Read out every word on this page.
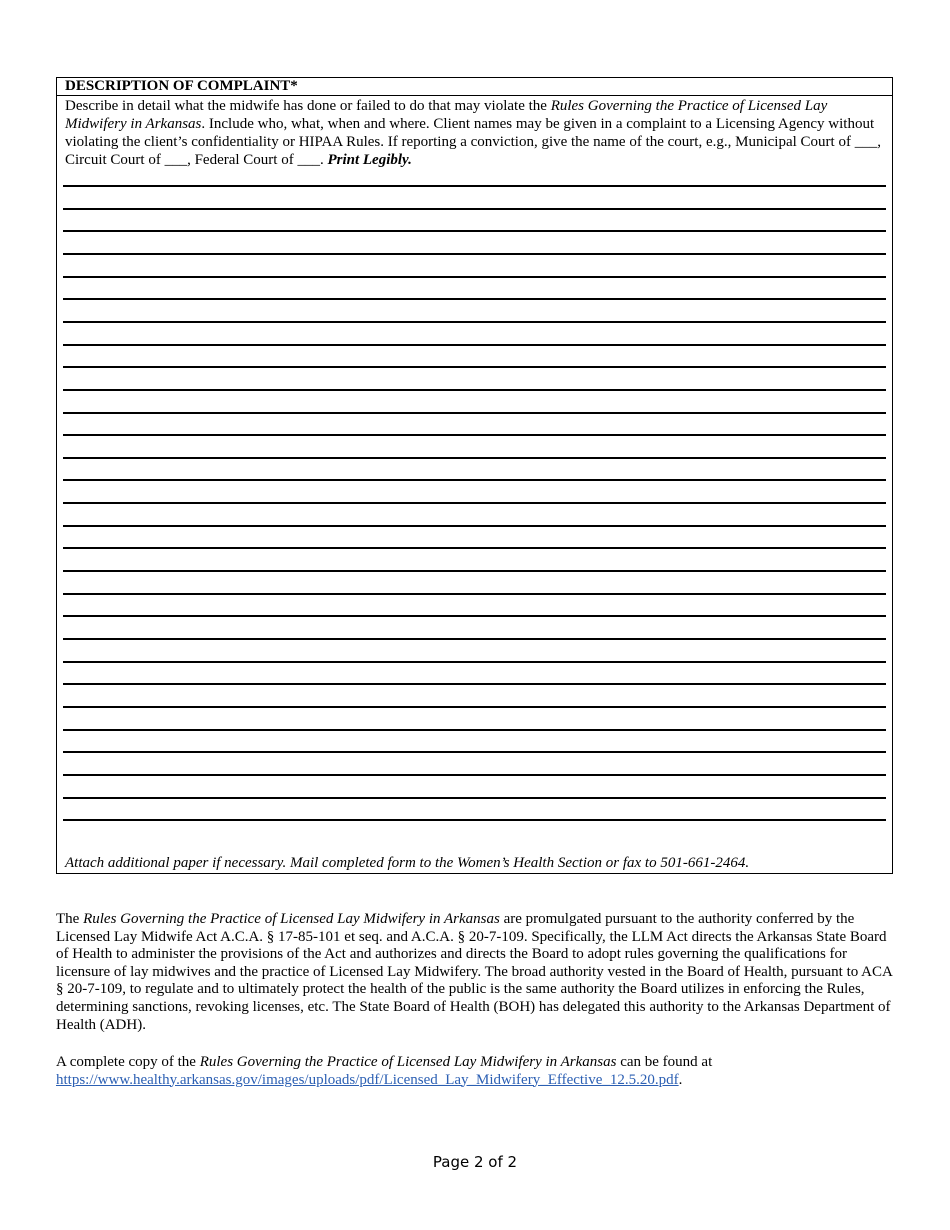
DESCRIPTION OF COMPLAINT*
Describe in detail what the midwife has done or failed to do that may violate the Rules Governing the Practice of Licensed Lay Midwifery in Arkansas. Include who, what, when and where. Client names may be given in a complaint to a Licensing Agency without violating the client’s confidentiality or HIPAA Rules. If reporting a conviction, give the name of the court, e.g., Municipal Court of ___, Circuit Court of ___, Federal Court of ___. Print Legibly.
Attach additional paper if necessary. Mail completed form to the Women’s Health Section or fax to 501-661-2464.
The Rules Governing the Practice of Licensed Lay Midwifery in Arkansas are promulgated pursuant to the authority conferred by the Licensed Lay Midwife Act A.C.A. § 17-85-101 et seq. and A.C.A. § 20-7-109. Specifically, the LLM Act directs the Arkansas State Board of Health to administer the provisions of the Act and authorizes and directs the Board to adopt rules governing the qualifications for licensure of lay midwives and the practice of Licensed Lay Midwifery. The broad authority vested in the Board of Health, pursuant to ACA § 20-7-109, to regulate and to ultimately protect the health of the public is the same authority the Board utilizes in enforcing the Rules, determining sanctions, revoking licenses, etc. The State Board of Health (BOH) has delegated this authority to the Arkansas Department of Health (ADH).
A complete copy of the Rules Governing the Practice of Licensed Lay Midwifery in Arkansas can be found at
https://www.healthy.arkansas.gov/images/uploads/pdf/Licensed_Lay_Midwifery_Effective_12.5.20.pdf.
Page 2 of 2
